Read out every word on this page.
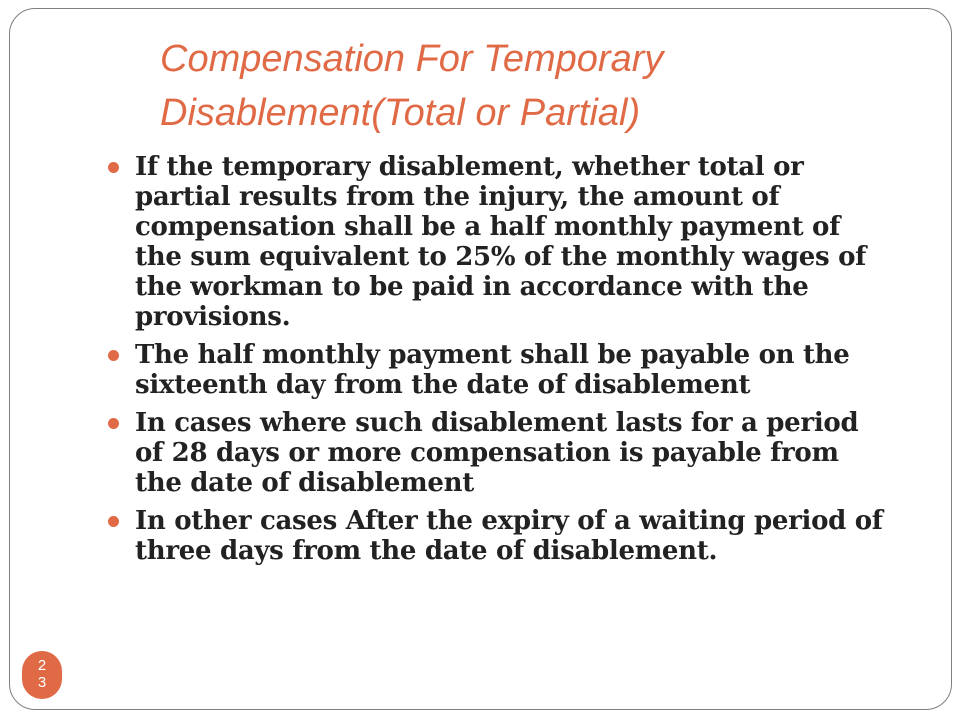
Compensation For Temporary
Disablement(Total or Partial)
If the temporary disablement, whether total or partial results from the injury, the amount of compensation shall be a half monthly payment of the sum equivalent to 25% of the monthly wages of the workman to be paid in accordance with the provisions.
The half monthly payment shall be payable on the sixteenth day from the date of disablement
In cases where such disablement lasts for a period of 28 days or more compensation is payable from the date of disablement
In other cases After the expiry of a waiting period of three days from the date of disablement.
2
3
